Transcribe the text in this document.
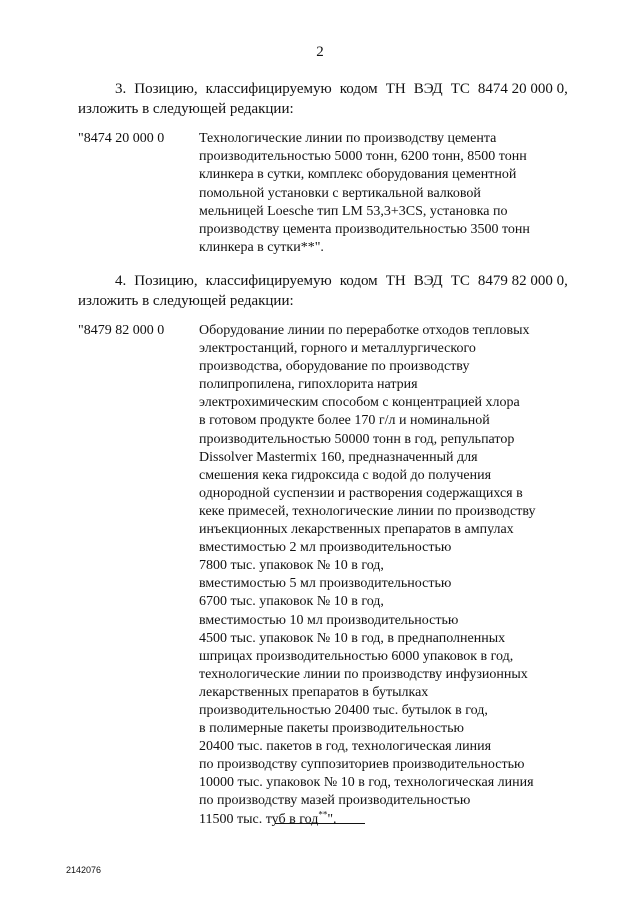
2
3. Позицию, классифицируемую кодом ТН ВЭД ТС 8474 20 000 0,
изложить в следующей редакции:
"8474 20 000 0 Технологические линии по производству цемента
производительностью 5000 тонн, 6200 тонн, 8500 тонн
клинкера в сутки, комплекс оборудования цементной
помольной установки с вертикальной валковой
мельницей Loesche тип LM 53,3+3CS, установка по
производству цемента производительностью 3500 тонн
клинкера в сутки**".
4. Позицию, классифицируемую кодом ТН ВЭД ТС 8479 82 000 0,
изложить в следующей редакции:
"8479 82 000 0 Оборудование линии по переработке отходов тепловых
электростанций, горного и металлургического
производства, оборудование по производству
полипропилена, гипохлорита натрия
электрохимическим способом с концентрацией хлора
в готовом продукте более 170 г/л и номинальной
производительностью 50000 тонн в год, репульпатор
Dissolver Mastermix 160, предназначенный для
смешения кека гидроксида с водой до получения
однородной суспензии и растворения содержащихся в
кеке примесей, технологические линии по производству
инъекционных лекарственных препаратов в ампулах
вместимостью 2 мл производительностью
7800 тыс. упаковок № 10 в год,
вместимостью 5 мл производительностью
6700 тыс. упаковок № 10 в год,
вместимостью 10 мл производительностью
4500 тыс. упаковок № 10 в год, в преднаполненных
шприцах производительностью 6000 упаковок в год,
технологические линии по производству инфузионных
лекарственных препаратов в бутылках
производительностью 20400 тыс. бутылок в год,
в полимерные пакеты производительностью
20400 тыс. пакетов в год, технологическая линия
по производству суппозиториев производительностью
10000 тыс. упаковок № 10 в год, технологическая линия
по производству мазей производительностью
11500 тыс. туб в год**".
2142076
